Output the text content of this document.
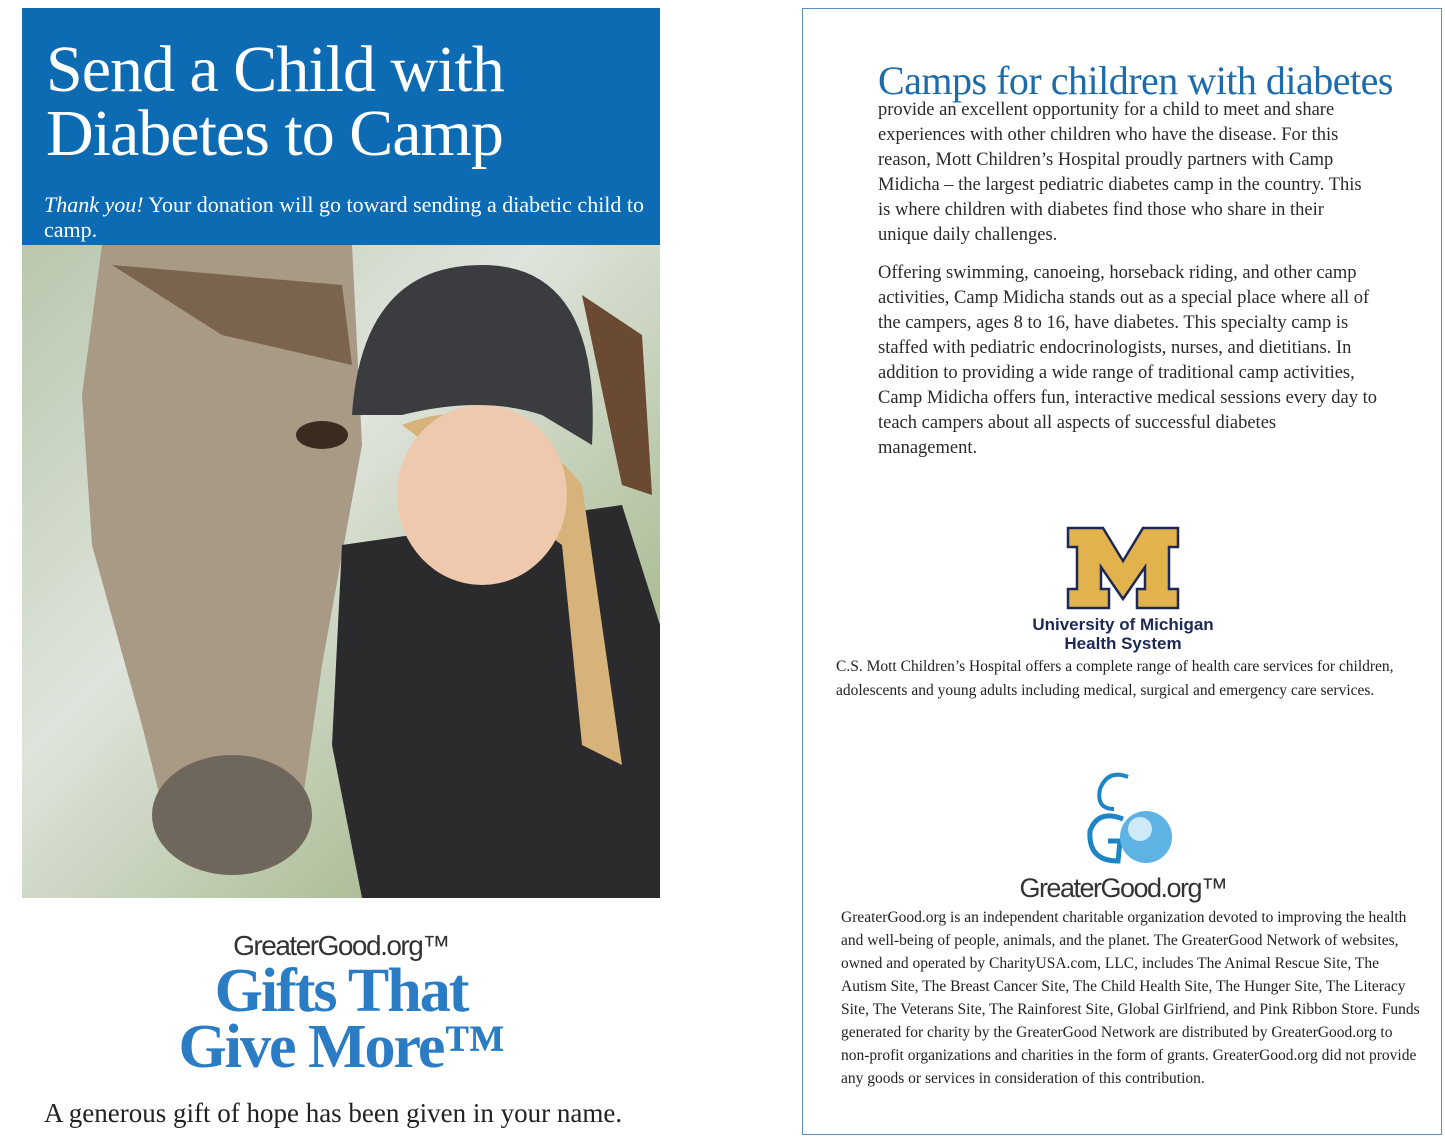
Send a Child with
Diabetes to Camp
Thank you! Your donation will go toward sending a diabetic child to camp.
GreaterGood.org™
Gifts That
Give More™
A generous gift of hope has been given in your name.
Camps for children with diabetes
provide an excellent opportunity for a child to meet and share experiences with other children who have the disease. For this reason, Mott Children’s Hospital proudly partners with Camp Midicha – the largest pediatric diabetes camp in the country. This is where children with diabetes find those who share in their unique daily challenges.
Offering swimming, canoeing, horseback riding, and other camp activities, Camp Midicha stands out as a special place where all of the campers, ages 8 to 16, have diabetes. This specialty camp is staffed with pediatric endocrinologists, nurses, and dietitians. In addition to providing a wide range of traditional camp activities, Camp Midicha offers fun, interactive medical sessions every day to teach campers about all aspects of successful diabetes management.
University of Michigan
Health System
C.S. Mott Children’s Hospital offers a complete range of health care services for children, adolescents and young adults including medical, surgical and emergency care services.
GreaterGood.org™
GreaterGood.org is an independent charitable organization devoted to improving the health and well-being of people, animals, and the planet. The GreaterGood Network of websites, owned and operated by CharityUSA.com, LLC, includes The Animal Rescue Site, The Autism Site, The Breast Cancer Site, The Child Health Site, The Hunger Site, The Literacy Site, The Veterans Site, The Rainforest Site, Global Girlfriend, and Pink Ribbon Store. Funds generated for charity by the GreaterGood Network are distributed by GreaterGood.org to non-profit organizations and charities in the form of grants. GreaterGood.org did not provide any goods or services in consideration of this contribution.
